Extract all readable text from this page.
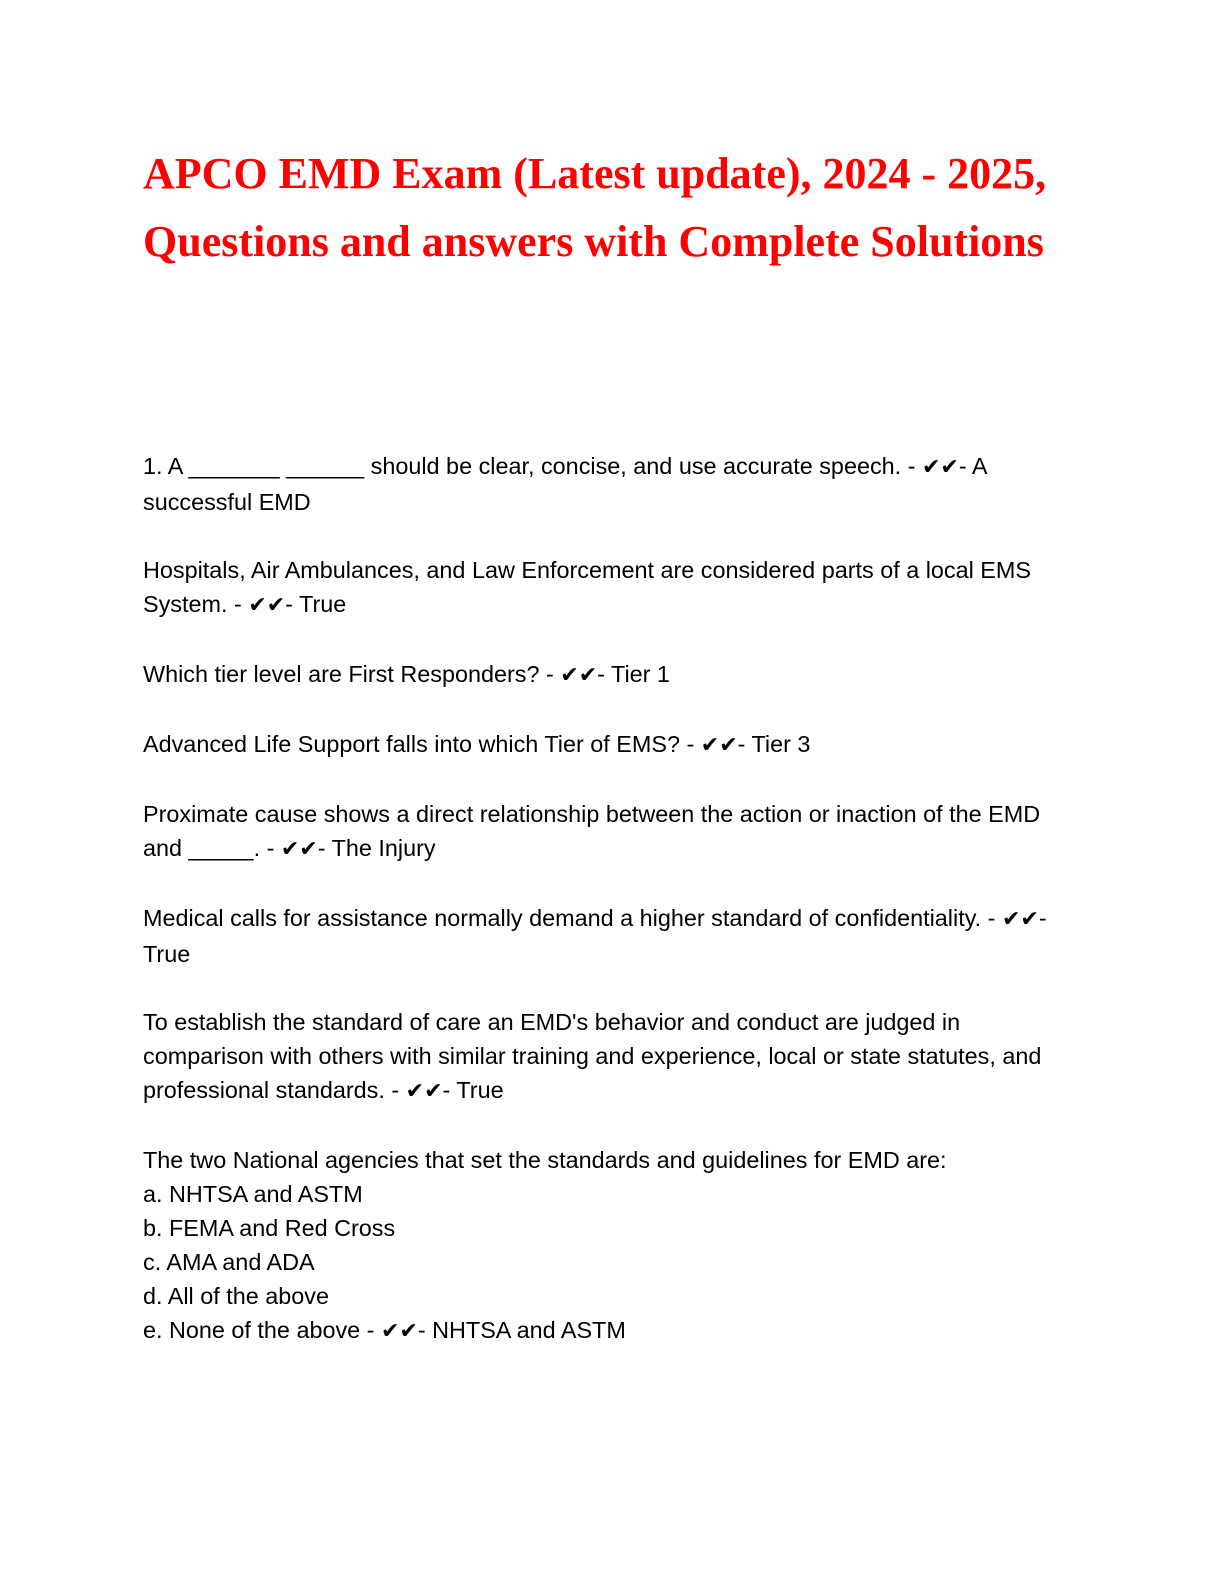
APCO EMD Exam (Latest update), 2024 - 2025, Questions and answers with Complete Solutions

1. A _______ ______ should be clear, concise, and use accurate speech. - ✔✔- A successful EMD

Hospitals, Air Ambulances, and Law Enforcement are considered parts of a local EMS System. - ✔✔- True

Which tier level are First Responders? - ✔✔- Tier 1

Advanced Life Support falls into which Tier of EMS? - ✔✔- Tier 3

Proximate cause shows a direct relationship between the action or inaction of the EMD and _____. - ✔✔- The Injury

Medical calls for assistance normally demand a higher standard of confidentiality. - ✔✔- True

To establish the standard of care an EMD's behavior and conduct are judged in comparison with others with similar training and experience, local or state statutes, and professional standards. - ✔✔- True

The two National agencies that set the standards and guidelines for EMD are:
a. NHTSA and ASTM
b. FEMA and Red Cross
c. AMA and ADA
d. All of the above
e. None of the above - ✔✔- NHTSA and ASTM
